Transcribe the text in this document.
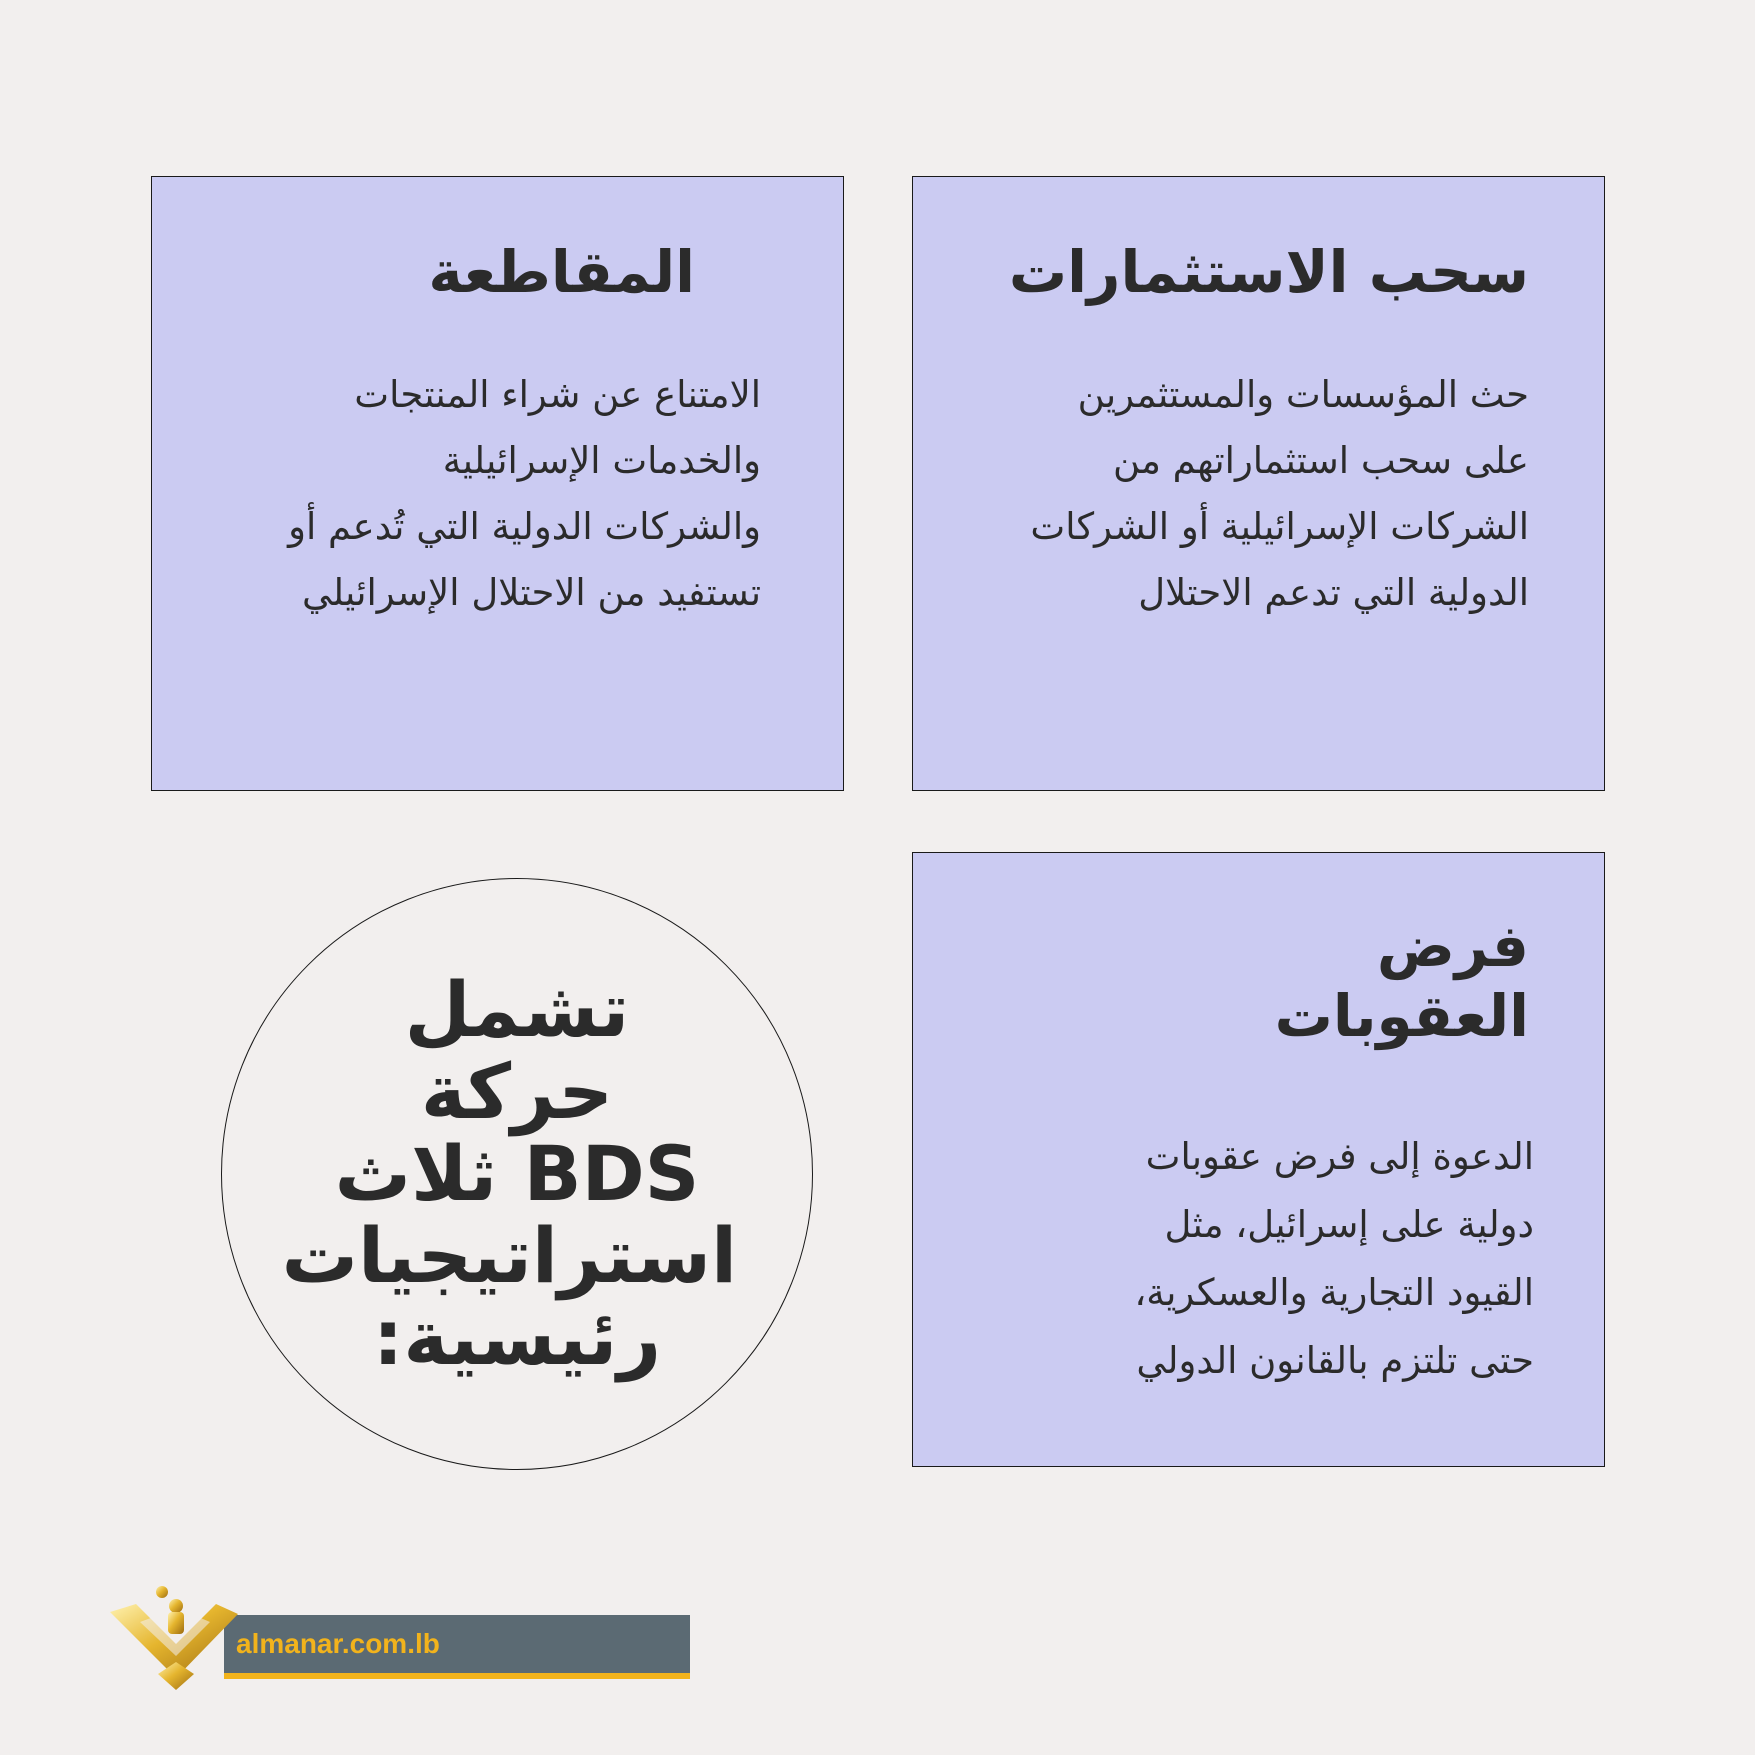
سحب الاستثمارات

حث المؤسسات والمستثمرين
على سحب استثماراتهم من
الشركات الإسرائيلية أو الشركات
الدولية التي تدعم الاحتلال

المقاطعة

الامتناع عن شراء المنتجات
والخدمات الإسرائيلية
والشركات الدولية التي تُدعم أو
تستفيد من الاحتلال الإسرائيلي

فرض
العقوبات

الدعوة إلى فرض عقوبات
دولية على إسرائيل، مثل
القيود التجارية والعسكرية،
حتى تلتزم بالقانون الدولي

تشمل حركة
BDS ثلاث
استراتيجيات
رئيسية:

almanar.com.lb
